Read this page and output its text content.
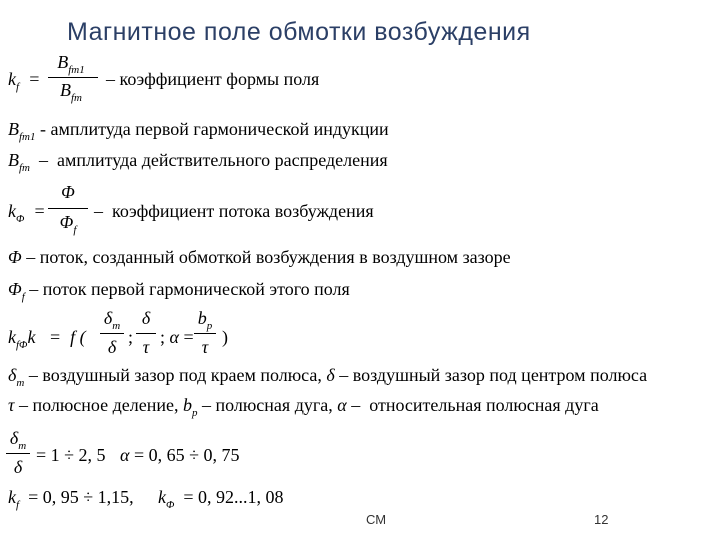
Магнитное поле обмотки возбуждения
$k_f$  =
$B_{fm1}$
$B_{fm}$
– коэффициент формы поля
$B_{fm1}$ - амплитуда первой гармонической индукции
$B_{fm}$  –  амплитуда действительного распределения
$k_\Phi$  =
Φ
$\Phi_f$
–  коэффициент потока возбуждения
Φ – поток, созданный обмоткой возбуждения в воздушном зазоре
$\Phi_f$ – поток первой гармонической этого поля
$k_{f\Phi}k = f$ (
$\delta_m$
δ ;
δ
τ ; α =
$b_p$
τ )
$\delta_m$ – воздушный зазор под краем полюса, δ – воздушный зазор под центром полюса
τ – полюсное деление, $b_p$ – полюсная дуга, α –  относительная полюсная дуга
$\delta_m$
δ
= 1 ÷ 2, 5 α = 0, 65 ÷ 0, 75
$k_f = 0$, 95 ÷ 1,15, $k_\Phi = 0$, 92...1, 08
СМ	12
